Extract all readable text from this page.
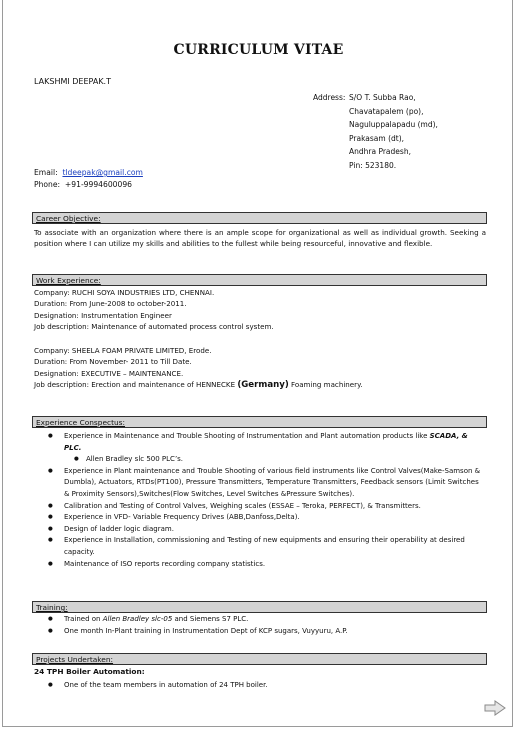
CURRICULUM VITAE
LAKSHMI DEEPAK.T
Address: S/O T. Subba Rao,
Chavatapalem (po),
Naguluppalapadu (md),
Prakasam (dt),
Andhra Pradesh,
Pin: 523180.
Email: tldeepak@gmail.com
Phone: +91-9994600096
Career Objective:
To associate with an organization where there is an ample scope for organizational as well as individual growth. Seeking a position where I can utilize my skills and abilities to the fullest while being resourceful, innovative and flexible.
Work Experience:
Company: RUCHI SOYA INDUSTRIES LTD, CHENNAI.
Duration: From June-2008 to october-2011.
Designation: Instrumentation Engineer
Job description: Maintenance of automated process control system.
Company: SHEELA FOAM PRIVATE LIMITED, Erode.
Duration: From November- 2011 to Till Date.
Designation: EXECUTIVE – MAINTENANCE.
Job description: Erection and maintenance of HENNECKE (Germany) Foaming machinery.
Experience Conspectus:
● Experience in Maintenance and Trouble Shooting of Instrumentation and Plant automation products like SCADA, & PLC.
● Allen Bradley slc 500 PLC’s.
● Experience in Plant maintenance and Trouble Shooting of various field instruments like Control Valves(Make-Samson & Dumbla), Actuators, RTDs(PT100), Pressure Transmitters, Temperature Transmitters, Feedback sensors (Limit Switches & Proximity Sensors),Switches(Flow Switches, Level Switches &Pressure Switches).
● Calibration and Testing of Control Valves, Weighing scales (ESSAE – Teroka, PERFECT), & Transmitters.
● Experience in VFD- Variable Frequency Drives (ABB,Danfoss,Delta).
● Design of ladder logic diagram.
● Experience in Installation, commissioning and Testing of new equipments and ensuring their operability at desired capacity.
● Maintenance of ISO reports recording company statistics.
Training:
● Trained on Allen Bradley slc-05 and Siemens S7 PLC.
● One month In-Plant training in Instrumentation Dept of KCP sugars, Vuyyuru, A.P.
Projects Undertaken:
24 TPH Boiler Automation:
● One of the team members in automation of 24 TPH boiler.
